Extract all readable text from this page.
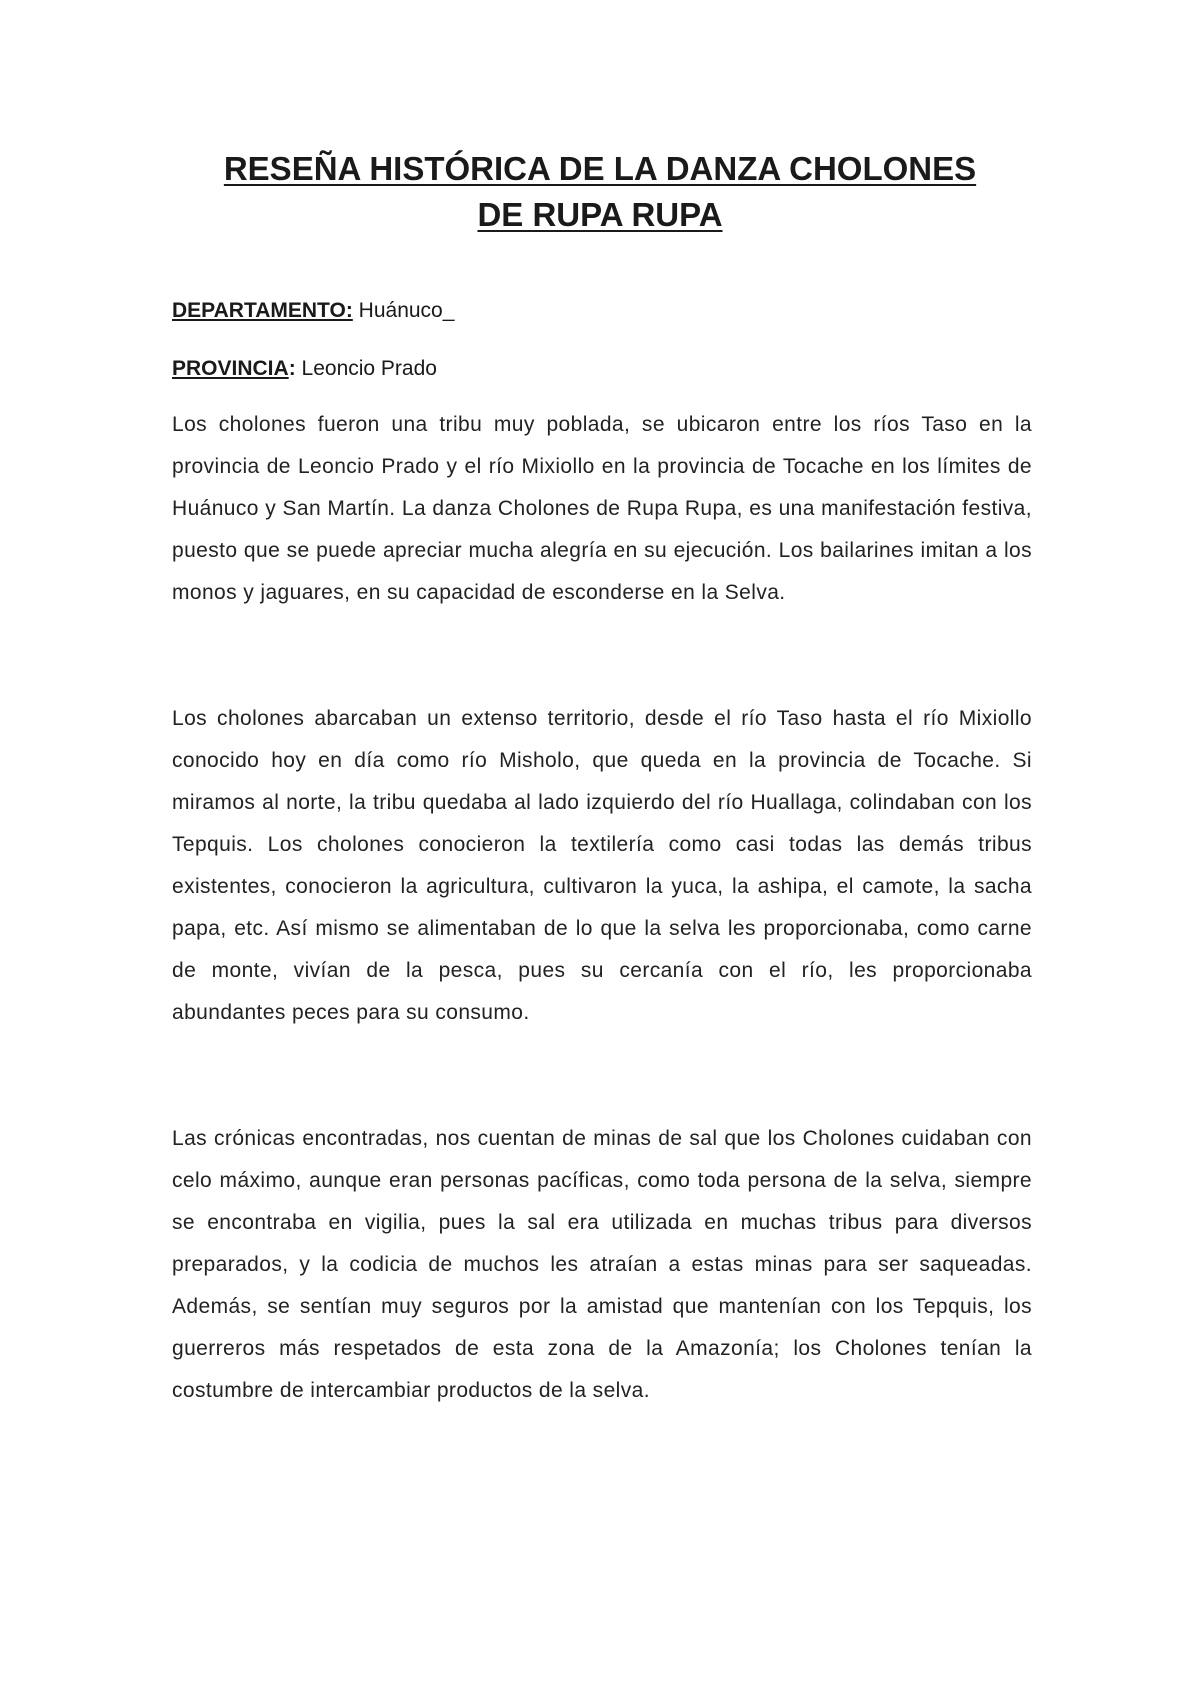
RESEÑA HISTÓRICA DE LA DANZA CHOLONES
DE RUPA RUPA

DEPARTAMENTO: Huánuco_

PROVINCIA: Leoncio Prado

Los cholones fueron una tribu muy poblada, se ubicaron entre los ríos Taso en la provincia de Leoncio Prado y el río Mixiollo en la provincia de Tocache en los límites de Huánuco y San Martín. La danza Cholones de Rupa Rupa, es una manifestación festiva, puesto que se puede apreciar mucha alegría en su ejecución. Los bailarines imitan a los monos y jaguares, en su capacidad de esconderse en la Selva.

Los cholones abarcaban un extenso territorio, desde el río Taso hasta el río Mixiollo conocido hoy en día como río Misholo, que queda en la provincia de Tocache. Si miramos al norte, la tribu quedaba al lado izquierdo del río Huallaga, colindaban con los Tepquis. Los cholones conocieron la textilería como casi todas las demás tribus existentes, conocieron la agricultura, cultivaron la yuca, la ashipa, el camote, la sacha papa, etc. Así mismo se alimentaban de lo que la selva les proporcionaba, como carne de monte, vivían de la pesca, pues su cercanía con el río, les proporcionaba abundantes peces para su consumo.

Las crónicas encontradas, nos cuentan de minas de sal que los Cholones cuidaban con celo máximo, aunque eran personas pacíficas, como toda persona de la selva, siempre se encontraba en vigilia, pues la sal era utilizada en muchas tribus para diversos preparados, y la codicia de muchos les atraían a estas minas para ser saqueadas. Además, se sentían muy seguros por la amistad que mantenían con los Tepquis, los guerreros más respetados de esta zona de la Amazonía; los Cholones tenían la costumbre de intercambiar productos de la selva.
